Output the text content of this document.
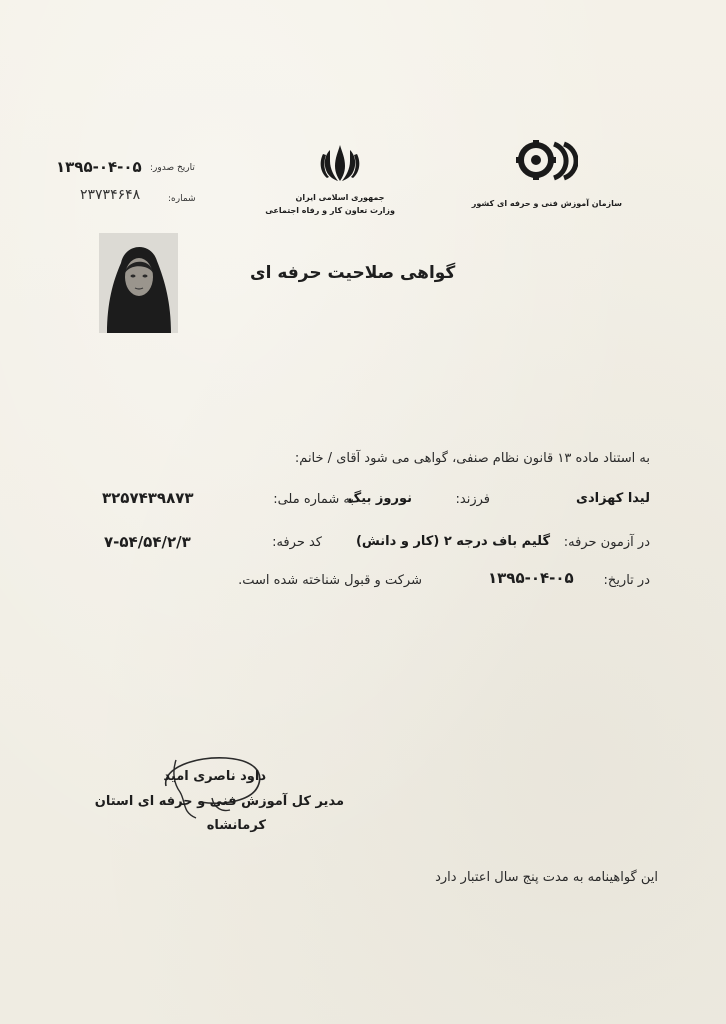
تاریخ صدور:
۱۳۹۵-۰۴-۰۵
شماره:
۲۳۷۳۴۶۴۸	جمهوری اسلامی ایران
وزارت تعاون کار و رفاه اجتماعی
سازمان آموزش فنی و حرفه ای کشور
گواهی صلاحیت حرفه ای
به استناد ماده ۱۳ قانون نظام صنفی، گواهی می شود آقای / خانم:
لیدا کهزادی
فرزند:
نوروز بیگ
به شماره ملی:
۳۲۵۷۴۳۹۸۷۳
در آزمون حرفه:
گلیم باف درجه ۲ (کار و دانش)
کد حرفه:
۷-۵۴/۵۴/۲/۳
در تاریخ:
۱۳۹۵-۰۴-۰۵
شرکت و قبول شناخته شده است.
داود ناصری امید
مدیر کل آموزش فنی و حرفه ای استان
کرمانشاه
این گواهینامه به مدت پنج سال اعتبار دارد
